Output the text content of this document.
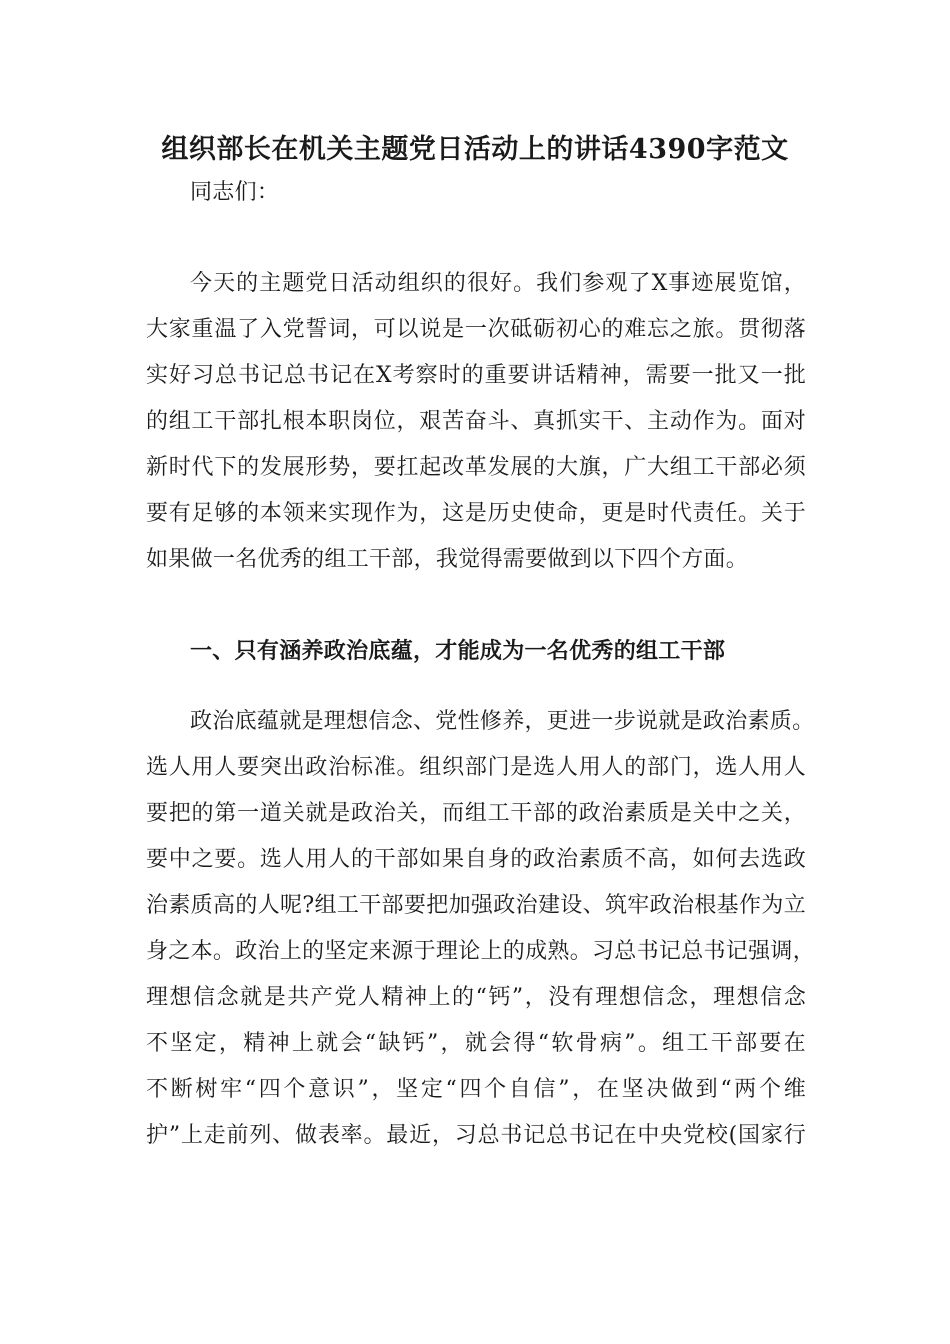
组织部长在机关主题党日活动上的讲话4390字范文
同志们：
今天的主题党日活动组织的很好。我们参观了X事迹展览馆，
大家重温了入党誓词，可以说是一次砥砺初心的难忘之旅。贯彻落
实好习总书记总书记在X考察时的重要讲话精神，需要一批又一批
的组工干部扎根本职岗位，艰苦奋斗、真抓实干、主动作为。面对
新时代下的发展形势，要扛起改革发展的大旗，广大组工干部必须
要有足够的本领来实现作为，这是历史使命，更是时代责任。关于
如果做一名优秀的组工干部，我觉得需要做到以下四个方面。
一、只有涵养政治底蕴，才能成为一名优秀的组工干部
政治底蕴就是理想信念、党性修养，更进一步说就是政治素质。
选人用人要突出政治标准。组织部门是选人用人的部门，选人用人
要把的第一道关就是政治关，而组工干部的政治素质是关中之关，
要中之要。选人用人的干部如果自身的政治素质不高，如何去选政
治素质高的人呢?组工干部要把加强政治建设、筑牢政治根基作为立
身之本。政治上的坚定来源于理论上的成熟。习总书记总书记强调，
理想信念就是共产党人精神上的“钙”，没有理想信念，理想信念
不坚定，精神上就会“缺钙”，就会得“软骨病”。组工干部要在
不断树牢“四个意识”，坚定“四个自信”，在坚决做到“两个维
护”上走前列、做表率。最近，习总书记总书记在中央党校(国家行
